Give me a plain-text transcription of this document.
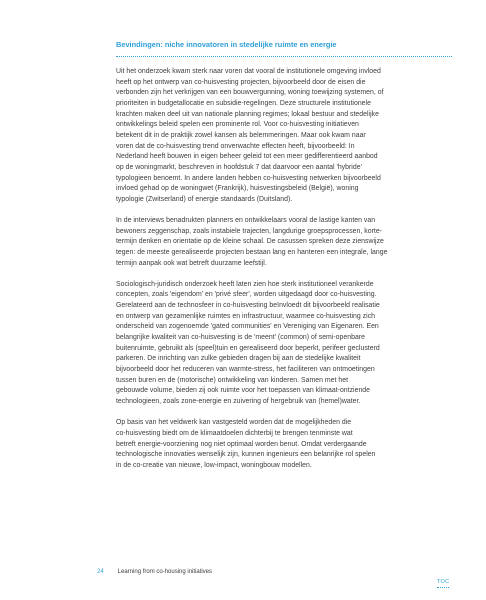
Bevindingen: niche innovatoren in stedelijke ruimte en energie
Uit het onderzoek kwam sterk naar voren dat vooral de institutionele omgeving invloed
heeft op het ontwerp van co-huisvesting projecten, bijvoorbeeld door de eisen die
verbonden zijn het verkrijgen van een bouwvergunning, woning toewijzing systemen, of
prioriteiten in budgetallocatie en subsidie-regelingen. Deze structurele institutionele
krachten maken deel uit van nationale planning regimes; lokaal bestuur and stedelijke
ontwikkelings beleid spelen een prominente rol. Voor co-huisvesting initiatieven
betekent dit in de praktijk zowel kansen als belemmeringen. Maar ook kwam naar
voren dat de co-huisvesting trend onverwachte effecten heeft, bijvoorbeeld: In
Nederland heeft bouwen in eigen beheer geleid tot een meer gedifferentieerd aanbod
op de woningmarkt, beschreven in hoofdstuk 7 dat daarvoor een aantal 'hybride'
typologieen benoemt. In andere landen hebben co-huisvesting netwerken bijvoorbeeld
invloed gehad op de woningwet (Frankrijk), huisvestingsbeleid (België), woning
typologie (Zwitserland) of energie standaards (Duitsland).
In de interviews benadrukten planners en ontwikkelaars vooral de lastige kanten van
bewoners zeggenschap, zoals instabiele trajecten, langdurige groepsprocessen, korte-
termijn denken en orientatie op de kleine schaal. De casussen spreken deze zienswijze
tegen: de meeste gerealiseerde projecten bestaan lang en hanteren een integrale, lange
termijn aanpak ook wat betreft duurzame leefstijl.
Sociologisch-juridisch onderzoek heeft laten zien hoe sterk institutioneel verankerde
concepten, zoals 'eigendom' en 'privé sfeer', worden uitgedaagd door co-huisvesting.
Gerelateerd aan de technosfeer in co-huisvesting beïnvloedt dit bijvoorbeeld realisatie
en ontwerp van gezamenlijke ruimtes en infrastructuur, waarmee co-huisvesting zich
onderscheid van zogenoemde 'gated communities' en Vereniging van Eigenaren. Een
belangrijke kwaliteit van co-huisvesting is de 'meent' (common) of semi-openbare
buitenruimte, gebruikt als (speel)tuin en gerealiseerd door beperkt, perifeer geclusterd
parkeren. De inrichting van zulke gebieden dragen bij aan de stedelijke kwaliteit
bijvoorbeeld door het reduceren van warmte-stress, het faciliteren van ontmoetingen
tussen buren en de (motorische) ontwikkeling van kinderen. Samen met het
gebouwde volume, bieden zij ook ruimte voor het toepassen van klimaat-ontziende
technologieen, zoals zone-energie en zuivering of hergebruik van (hemel)water.
Op basis van het veldwerk kan vastgesteld worden dat de mogelijkheden die
co-huisvesting biedt om de klimaatdoelen dichterbij te brengen tenminste wat
betreft energie-voorziening nog niet optimaal worden benut. Omdat verdergaande
technologische innovaties wenselijk zijn, kunnen ingenieurs een belanrijke rol spelen
in de co-creatie van nieuwe, low-impact, woningbouw modellen.
24 Learning from co-housing initiatives
TOC
